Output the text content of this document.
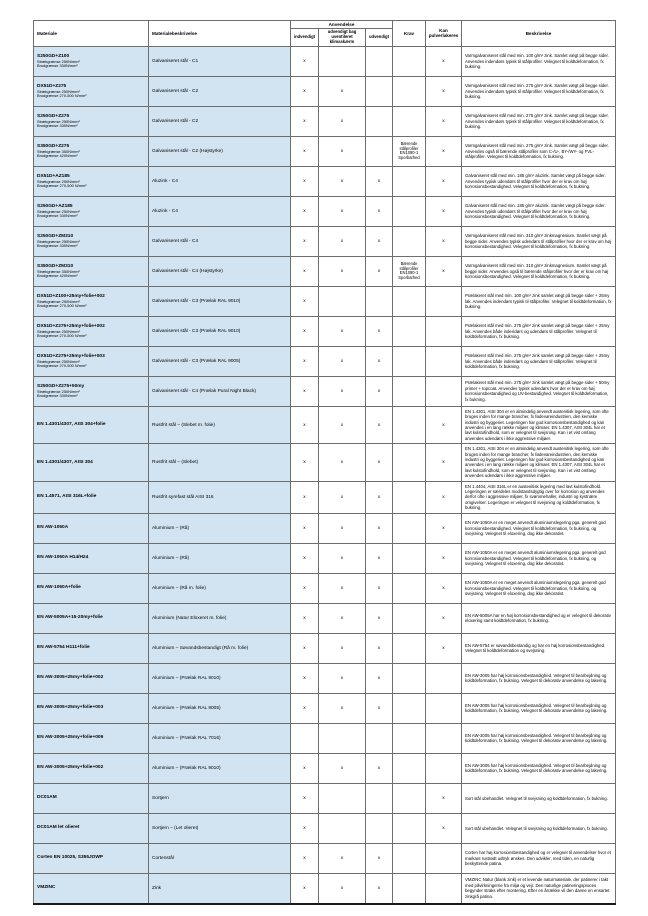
Materiale	Materialebeskrivelse	Anvendelse			Krav	Kan pulverlakeres	Beskrivelse
		indvendigt	udvendigt bag uventileret klimaskærm	udvendigt			

S250GD+Z100
Strækgrænse 250N/mm²
Brudgrænse 330N/mm²	Galvaniseret stål - C1	x				x	Varmgalvaniseret stål med min. 100 g/m² zink. Samlet vægt på begge sider. Anvendes indendørs typisk til stålprofiler. Velegnet til koldtdeformation, fx bukning.

DX51D+Z275
Strækgrænse 250N/mm²
Brudgrænse 270-500 N/mm²	Galvaniseret stål - C2	x	x			x	Varmgalvaniseret stål med min. 275 g/m² zink. Samlet vægt på begge sider. Anvendes indendørs typisk til stålprofiler. Velegnet til koldtdeformation, fx bukning.

S250GD+Z275
Strækgrænse 250N/mm²
Brudgrænse 330N/mm²	Galvaniseret stål - C2	x	x			x	Varmgalvaniseret stål med min. 275 g/m² zink. Samlet vægt på begge sider. Anvendes indendørs typisk til stålprofiler. Velegnet til koldtdeformation, fx bukning.

S350GD+Z275
Strækgrænse 350N/mm²
Brudgrænse 420N/mm²	Galvaniseret stål - C2 (Højstyrke)	x	x		Bærende stålprofiler EN1090-1 Sporbarhed	x	Varmgalvaniseret stål med min. 275 g/m² zink. Samlet vægt på begge sider. Anvendes også til bærende stålprofiler som C-/U-, BY-/WY- og FVL-stålprofiler. Velegnet til koldtdeformation, fx bukning.

DX51D+AZ185
Strækgrænse 250N/mm²
Brudgrænse 270-500 N/mm²
	Aluzink - C4	x	x	x		x	Galvaniseret stål med min. 185 g/m² aluzink. Samlet vægt på begge sider. Anvendes typisk udendørs til stålprofiler hvor der er krav om høj korrosionsbestandighed. Velegnet til koldtdeformation, fx bukning.

S250GD+AZ185
Strækgrænse 250N/mm²
Brudgrænse 330N/mm²
	Aluzink - C4	x	x	x		x	Galvaniseret stål med min. 185 g/m² aluzink. Samlet vægt på begge sider. Anvendes typisk udendørs til stålprofiler hvor der er krav om høj korrosionsbestandighed. Velegnet til koldtdeformation, fx bukning.

S250GD+ZM310
Strækgrænse 250N/mm²
Brudgrænse 330N/mm²
	Galvaniseret stål - C4	x	x	x		x	Varmgalvaniseret stål med min. 310 g/m² zinkmagnesium. Samlet vægt på begge sider. Anvendes typisk udendørs til stålprofiler hvor der er krav om høj korrosionsbestandighed. Velegnet til koldtdeformation, fx bukning.

S350GD+ZM310
Strækgrænse 350N/mm²
Brudgrænse 420N/mm²
	Galvaniseret stål - C4 (Højstyrke)	x	x	x	Bærende stålprofiler EN1090-1 Sporbarhed	x	Varmgalvaniseret stål med min. 310 g/m² zinkmagnesium. Samlet vægt på begge sider. Anvendes også til bærende stålprofiler hvor der er krav om høj korrosionsbestandighed. Velegnet til koldtdeformation, fx bukning.

DX51D+Z100+25my+folie+002
Strækgrænse 250N/mm²
Brudgrænse 270-500 N/mm²	Galvaniseret stål - C3 (Prælak RAL 9010)	x					Prælakeret stål med min. 100 g/m² zink samlet vægt på begge sider + 25my lak. Anvendes indendørs typisk til stålprofiler. Velegnet til koldtdeformation, fx bukning.

DX51D+Z275+25my+folie+002
Strækgrænse 250N/mm²
Brudgrænse 270-500 N/mm²	Galvaniseret stål - C3 (Prælak RAL 9010)	x	x	x			Prælakeret stål med min. 275 g/m² zink samlet vægt på begge sider + 25my lak. Anvendes både indendørs og udendørs til stålprofiler. Velegnet til koldtdeformation, fx bukning.

DX51D+Z275+25my+folie+003
Strækgrænse 250N/mm²
Brudgrænse 270-500 N/mm²	Galvaniseret stål - C3 (Prælak RAL 9005)	x	x	x			Prælakeret stål med min. 275 g/m² zink samlet vægt på begge sider + 25my lak. Anvendes både indendørs og udendørs til stålprofiler. Velegnet til koldtdeformation, fx bukning.

S250GD+Z275+50my
Strækgrænse 250N/mm²
Brudgrænse 330N/mm²
	Galvaniseret stål - C4 (Prælak Pural Night Black)	x	x	x			Prælakeret stål med min. 275 g/m² zink samlet vægt på begge sider + 50my primer + topcoat. Anvendes typisk udendørs hvor der er krav om høj korrosionsbestandighed og UV-bestandighed. Velegnet til koldtdeformation, fx bukning.

EN 1.4301/4307, AISI 304+folie	Rustfrit stål – (Slebet m. folie)	x	x	x		x	EN 1.4301, AISI 304 er en almindelig anvendt austenitisk legering, som ofte bruges inden for mange brancher, fx fødevareindustrien, den kemiske industri og byggeriet. Legeringen har god korrosionsbestandighed og kan anvendes i en lang række miljøer og klimaer. EN 1.4307, AISI 304L har et lavt kulstofindhold, som er velegnet til svejsning. Kan i et vist omfang anvendes udendørs i ikke aggressive miljøer.

EN 1.4301/4307, AISI 304	Rustfrit stål – (Slebet)	x	x	x		x	EN 1.4301, AISI 304 er en almindelig anvendt austenitisk legering, som ofte bruges inden for mange brancher, fx fødevareindustrien, den kemiske industri og byggeriet. Legeringen har god korrosionsbestandighed og kan anvendes i en lang række miljøer og klimaer. EN 1.4307, AISI 304L har et lavt kulstofindhold, som er velegnet til svejsning. Kan i et vist omfang anvendes udendørs i ikke aggressive miljøer.

EN 1.4571, AISI 316L+folie	Rustfrit syrefast stål AISI 316	x	x	x		x	EN 1.4404, AISI 316L er en austenitisk legering med lavt kulstofindhold. Legeringen er særdeles modstandsdygtig over for korrosion og anvendes derfor ofte i aggressive miljøer, fx svømmehaller, industri og kystnære omgivelser. Legeringen er velegnet til svejsning og koldtdeformation, fx bukning.

EN AW-1050A	Aluminium – (Rå)	x	x	x		x	EN AW-1050A er en meget anvendt aluminiumslegering pga. generelt god korrosionsbestandighed. Velegnet til koldtdeformation, fx bukning, og svejsning. Velegnet til eloxering, dog ikke dekorativt.

EN AW-1050A H14/H24	Aluminium – (Rå)	x	x	x		x	EN AW-1050A er en meget anvendt aluminiumslegering pga. generelt god korrosionsbestandighed. Velegnet til koldtdeformation, fx bukning, og svejsning. Velegnet til eloxering, dog ikke dekorativt.

EN AW-1050A+folie	Aluminium – (Rå m. folie)	x	x	x		x	EN AW-1050A er en meget anvendt aluminiumslegering pga. generelt god korrosionsbestandighed. Velegnet til koldtdeformation, fx bukning, og svejsning. Velegnet til eloxering, dog ikke dekorativt.

EN AW-5005A+15-20my+folie	Aluminium (Natur Eloxeret m. folie)	x	x	x		x	EN AW-5005A har en høj korrosionsbestandighed og er velegnet til dekorativ eloxering samt koldtdeformation, fx bukning.

EN AW-5754 H111+folie	Aluminium – Søvandsbestandigt (Rå m. folie)	x	x	x		x	EN AW-5754 er søvandsbestandig og har en høj korrosionsbestandighed. Velegnet til koldtdeformation og svejsning.

EN AW-3005+25my+folie+002	Aluminium – (Prælak RAL 9010)	x	x	x			EN AW-3005 har høj korrosionsbestandighed. Velegnet til bearbejdning og koldtdeformation, fx bukning. Velegnet til dekorativ anvendelse og lakering.

EN AW-3005+25my+folie+003	Aluminium – (Prælak RAL 9005)	x	x	x			EN AW-3005 har høj korrosionsbestandighed. Velegnet til bearbejdning og koldtdeformation, fx bukning. Velegnet til dekorativ anvendelse og lakering.

EN AW-3005+25my+folie+009	Aluminium – (Prælak RAL 7016)						EN AW-3005 har høj korrosionsbestandighed. Velegnet til bearbejdning og koldtdeformation, fx bukning. Velegnet til dekorativ anvendelse og lakering.

EN AW-3005+25my+folie+002	Aluminium – (Prælak RAL 9010)	x	x	x			EN AW-3005 har høj korrosionsbestandighed. Velegnet til bearbejdning og koldtdeformation, fx bukning. Velegnet til dekorativ anvendelse og lakering.

DC01AM	Sortjern	x				x	Sort stål ubehandlet. Velegnet til svejsning og koldtdeformation, fx bukning.

DC01AM let olieret	Sortjern – (Let olieret)	x				x	Sort stål ubehandlet. Velegnet til svejsning og koldtdeformation, fx bukning.

Corten EN 10025, S355JOWP	Cortenstål	x	x	x			Corten har høj korrosionsbestandighed og er velegnet til anvendelser hvor et markant rustrødt udtryk ønskes. Den udvikler, med tiden, en naturlig beskyttende patina.

VMZINC	Zink	x	x	x			VMZINC Natur (blank zink) er et levende naturmateriale, der patinerer i takt med påvirkningerne fra miljø og vejr. Den naturlige patineringsproces begynder straks efter montering. Efter en årrække vil den danne en ensartet zinkgrå patina.
